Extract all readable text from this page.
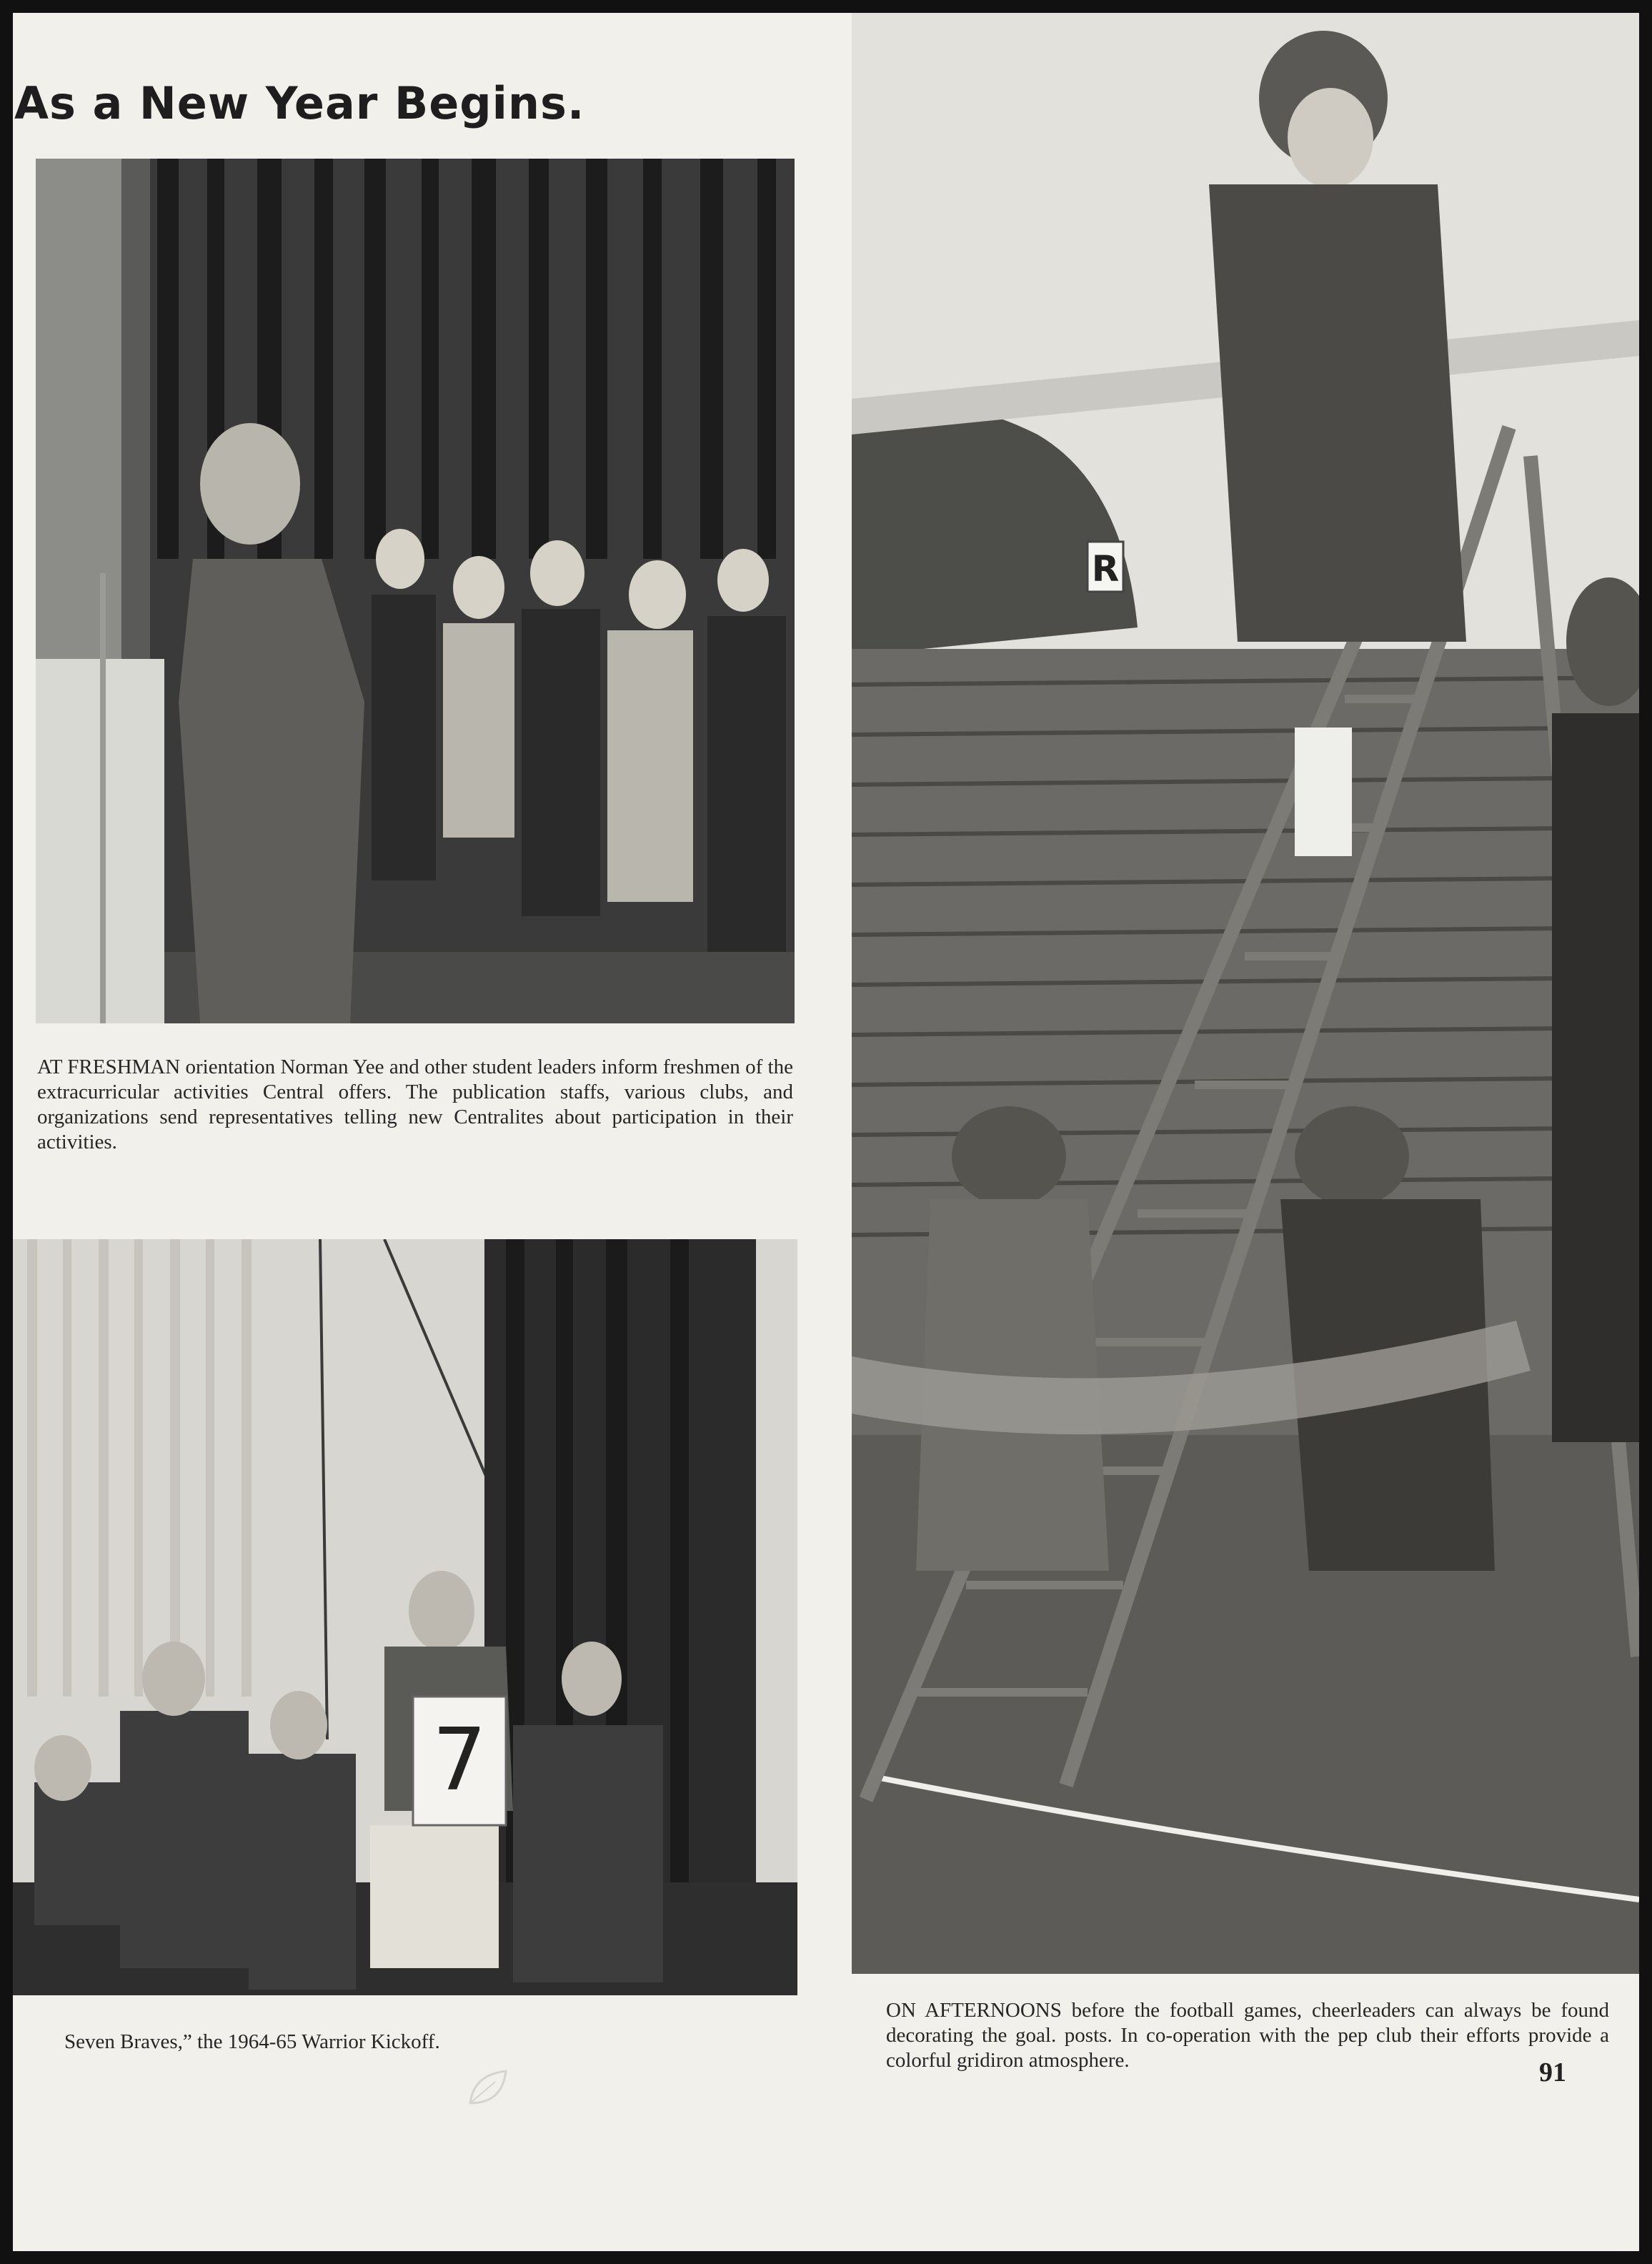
As a New Year Begins.

AT FRESHMAN orientation Norman Yee and other student leaders inform freshmen of the extracurricular activities Central offers. The publication staffs, various clubs, and organizations send representatives telling new Centralites about participation in their activities.

7

Seven Braves,” the 1964-65 Warrior Kickoff.

R

ON AFTERNOONS before the football games, cheerleaders can always be found decorating the goal. posts. In co-operation with the pep club their efforts provide a colorful gridiron atmosphere.	91
